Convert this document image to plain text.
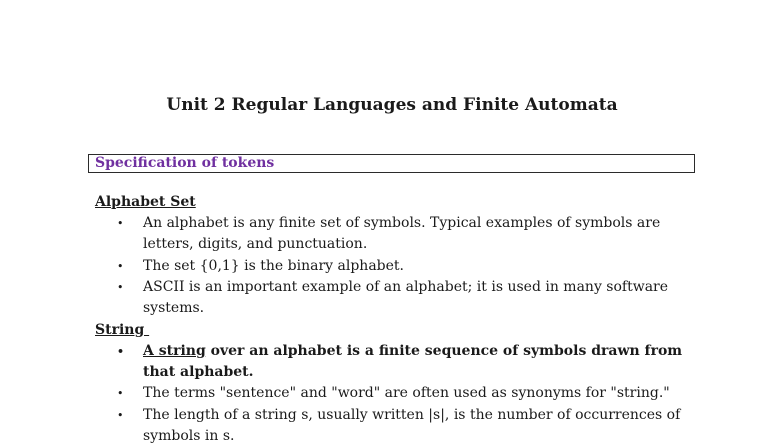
Unit 2 Regular Languages and Finite Automata
Specification of tokens
Alphabet Set
• An alphabet is any finite set of symbols. Typical examples of symbols are letters, digits, and punctuation.
• The set {0,1} is the binary alphabet.
• ASCII is an important example of an alphabet; it is used in many software systems.
String
• A string over an alphabet is a finite sequence of symbols drawn from that alphabet.
• The terms "sentence" and "word" are often used as synonyms for "string."
• The length of a string s, usually written |s|, is the number of occurrences of symbols in s.
